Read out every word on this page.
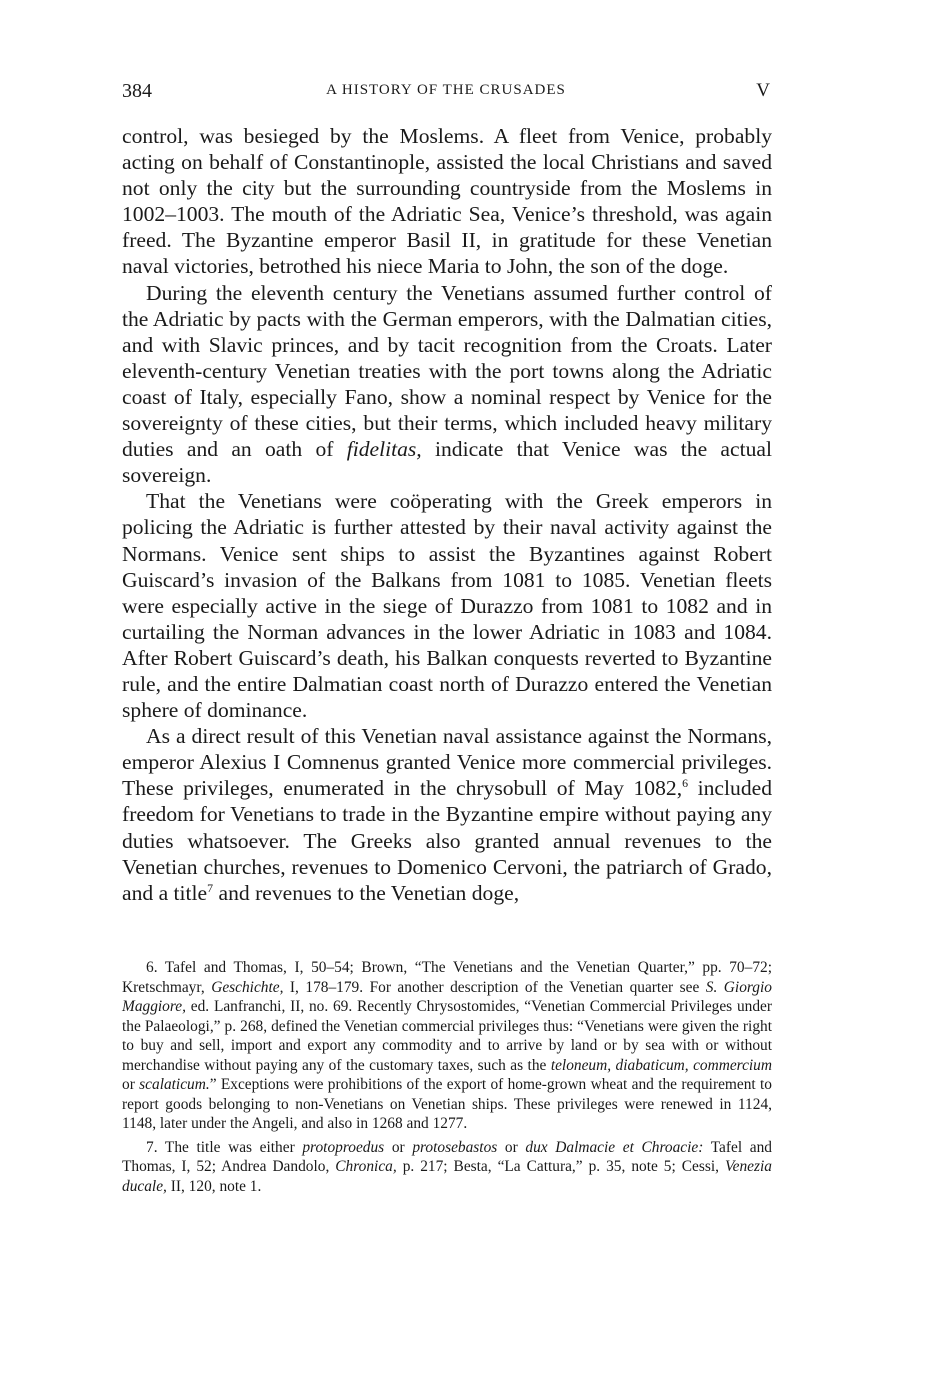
384	A HISTORY OF THE CRUSADES	V

control, was besieged by the Moslems. A fleet from Venice, probably acting on behalf of Constantinople, assisted the local Christians and saved not only the city but the surrounding countryside from the Moslems in 1002–1003. The mouth of the Adriatic Sea, Venice’s threshold, was again freed. The Byzantine emperor Basil II, in gratitude for these Venetian naval victories, betrothed his niece Maria to John, the son of the doge.

During the eleventh century the Venetians assumed further control of the Adriatic by pacts with the German emperors, with the Dalmatian cities, and with Slavic princes, and by tacit recognition from the Croats. Later eleventh-century Venetian treaties with the port towns along the Adriatic coast of Italy, especially Fano, show a nominal respect by Venice for the sovereignty of these cities, but their terms, which included heavy military duties and an oath of fidelitas, indicate that Venice was the actual sovereign.

That the Venetians were coöperating with the Greek emperors in policing the Adriatic is further attested by their naval activity against the Normans. Venice sent ships to assist the Byzantines against Robert Guiscard’s invasion of the Balkans from 1081 to 1085. Venetian fleets were especially active in the siege of Durazzo from 1081 to 1082 and in curtailing the Norman advances in the lower Adriatic in 1083 and 1084. After Robert Guiscard’s death, his Balkan conquests reverted to Byzantine rule, and the entire Dalmatian coast north of Durazzo entered the Venetian sphere of dominance.

As a direct result of this Venetian naval assistance against the Normans, emperor Alexius I Comnenus granted Venice more commercial privileges. These privileges, enumerated in the chrysobull of May 1082,$^6$ included freedom for Venetians to trade in the Byzantine empire without paying any duties whatsoever. The Greeks also granted annual revenues to the Venetian churches, revenues to Domenico Cervoni, the patriarch of Grado, and a title$^7$ and revenues to the Venetian doge,

6. Tafel and Thomas, I, 50–54; Brown, “The Venetians and the Venetian Quarter,” pp. 70–72; Kretschmayr, Geschichte, I, 178–179. For another description of the Venetian quarter see S. Giorgio Maggiore, ed. Lanfranchi, II, no. 69. Recently Chrysostomides, “Venetian Commercial Privileges under the Palaeologi,” p. 268, defined the Venetian commercial privileges thus: “Venetians were given the right to buy and sell, import and export any commodity and to arrive by land or by sea with or without merchandise without paying any of the customary taxes, such as the teloneum, diabaticum, commercium or scalaticum.” Exceptions were prohibitions of the export of home-grown wheat and the requirement to report goods belonging to non-Venetians on Venetian ships. These privileges were renewed in 1124, 1148, later under the Angeli, and also in 1268 and 1277.

7. The title was either protoproedus or protosebastos or dux Dalmacie et Chroacie: Tafel and Thomas, I, 52; Andrea Dandolo, Chronica, p. 217; Besta, “La Cattura,” p. 35, note 5; Cessi, Venezia ducale, II, 120, note 1.
